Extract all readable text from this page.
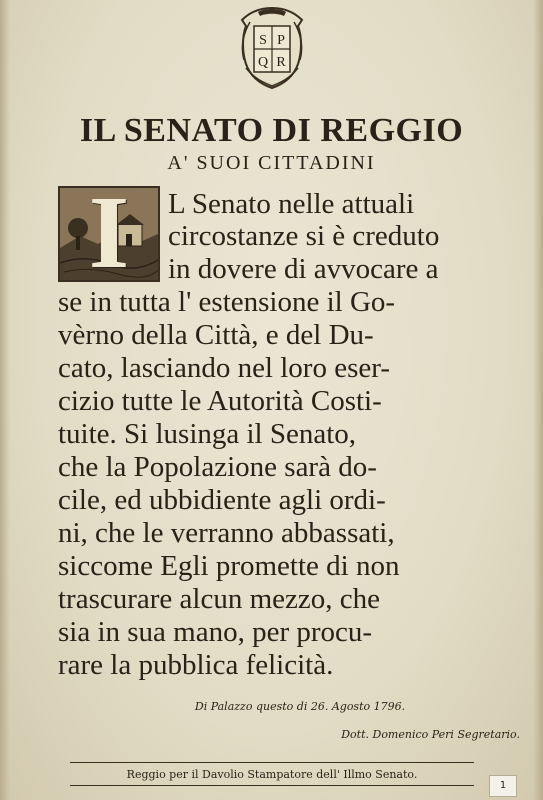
S P
Q R
IL SENATO DI REGGIO
A' SUOI CITTADINI
I	L Senato nelle attuali
circostanze si è creduto
in dovere di avvocare a
se in tutta l' estensione il Go-
vèrno della Città, e del Du-
cato, lasciando nel loro eser-
cizio tutte le Autorità Costi-
tuite. Si lusinga il Senato,
che la Popolazione sarà do-
cile, ed ubbidiente agli ordi-
ni, che le verranno abbassati,
siccome Egli promette di non
trascurare alcun mezzo, che
sia in sua mano, per procu-
rare la pubblica felicità.
Di Palazzo questo di 26. Agosto 1796.
Dott. Domenico Peri Segretario.
Reggio per il Davolio Stampatore dell' Illmo Senato.
1
